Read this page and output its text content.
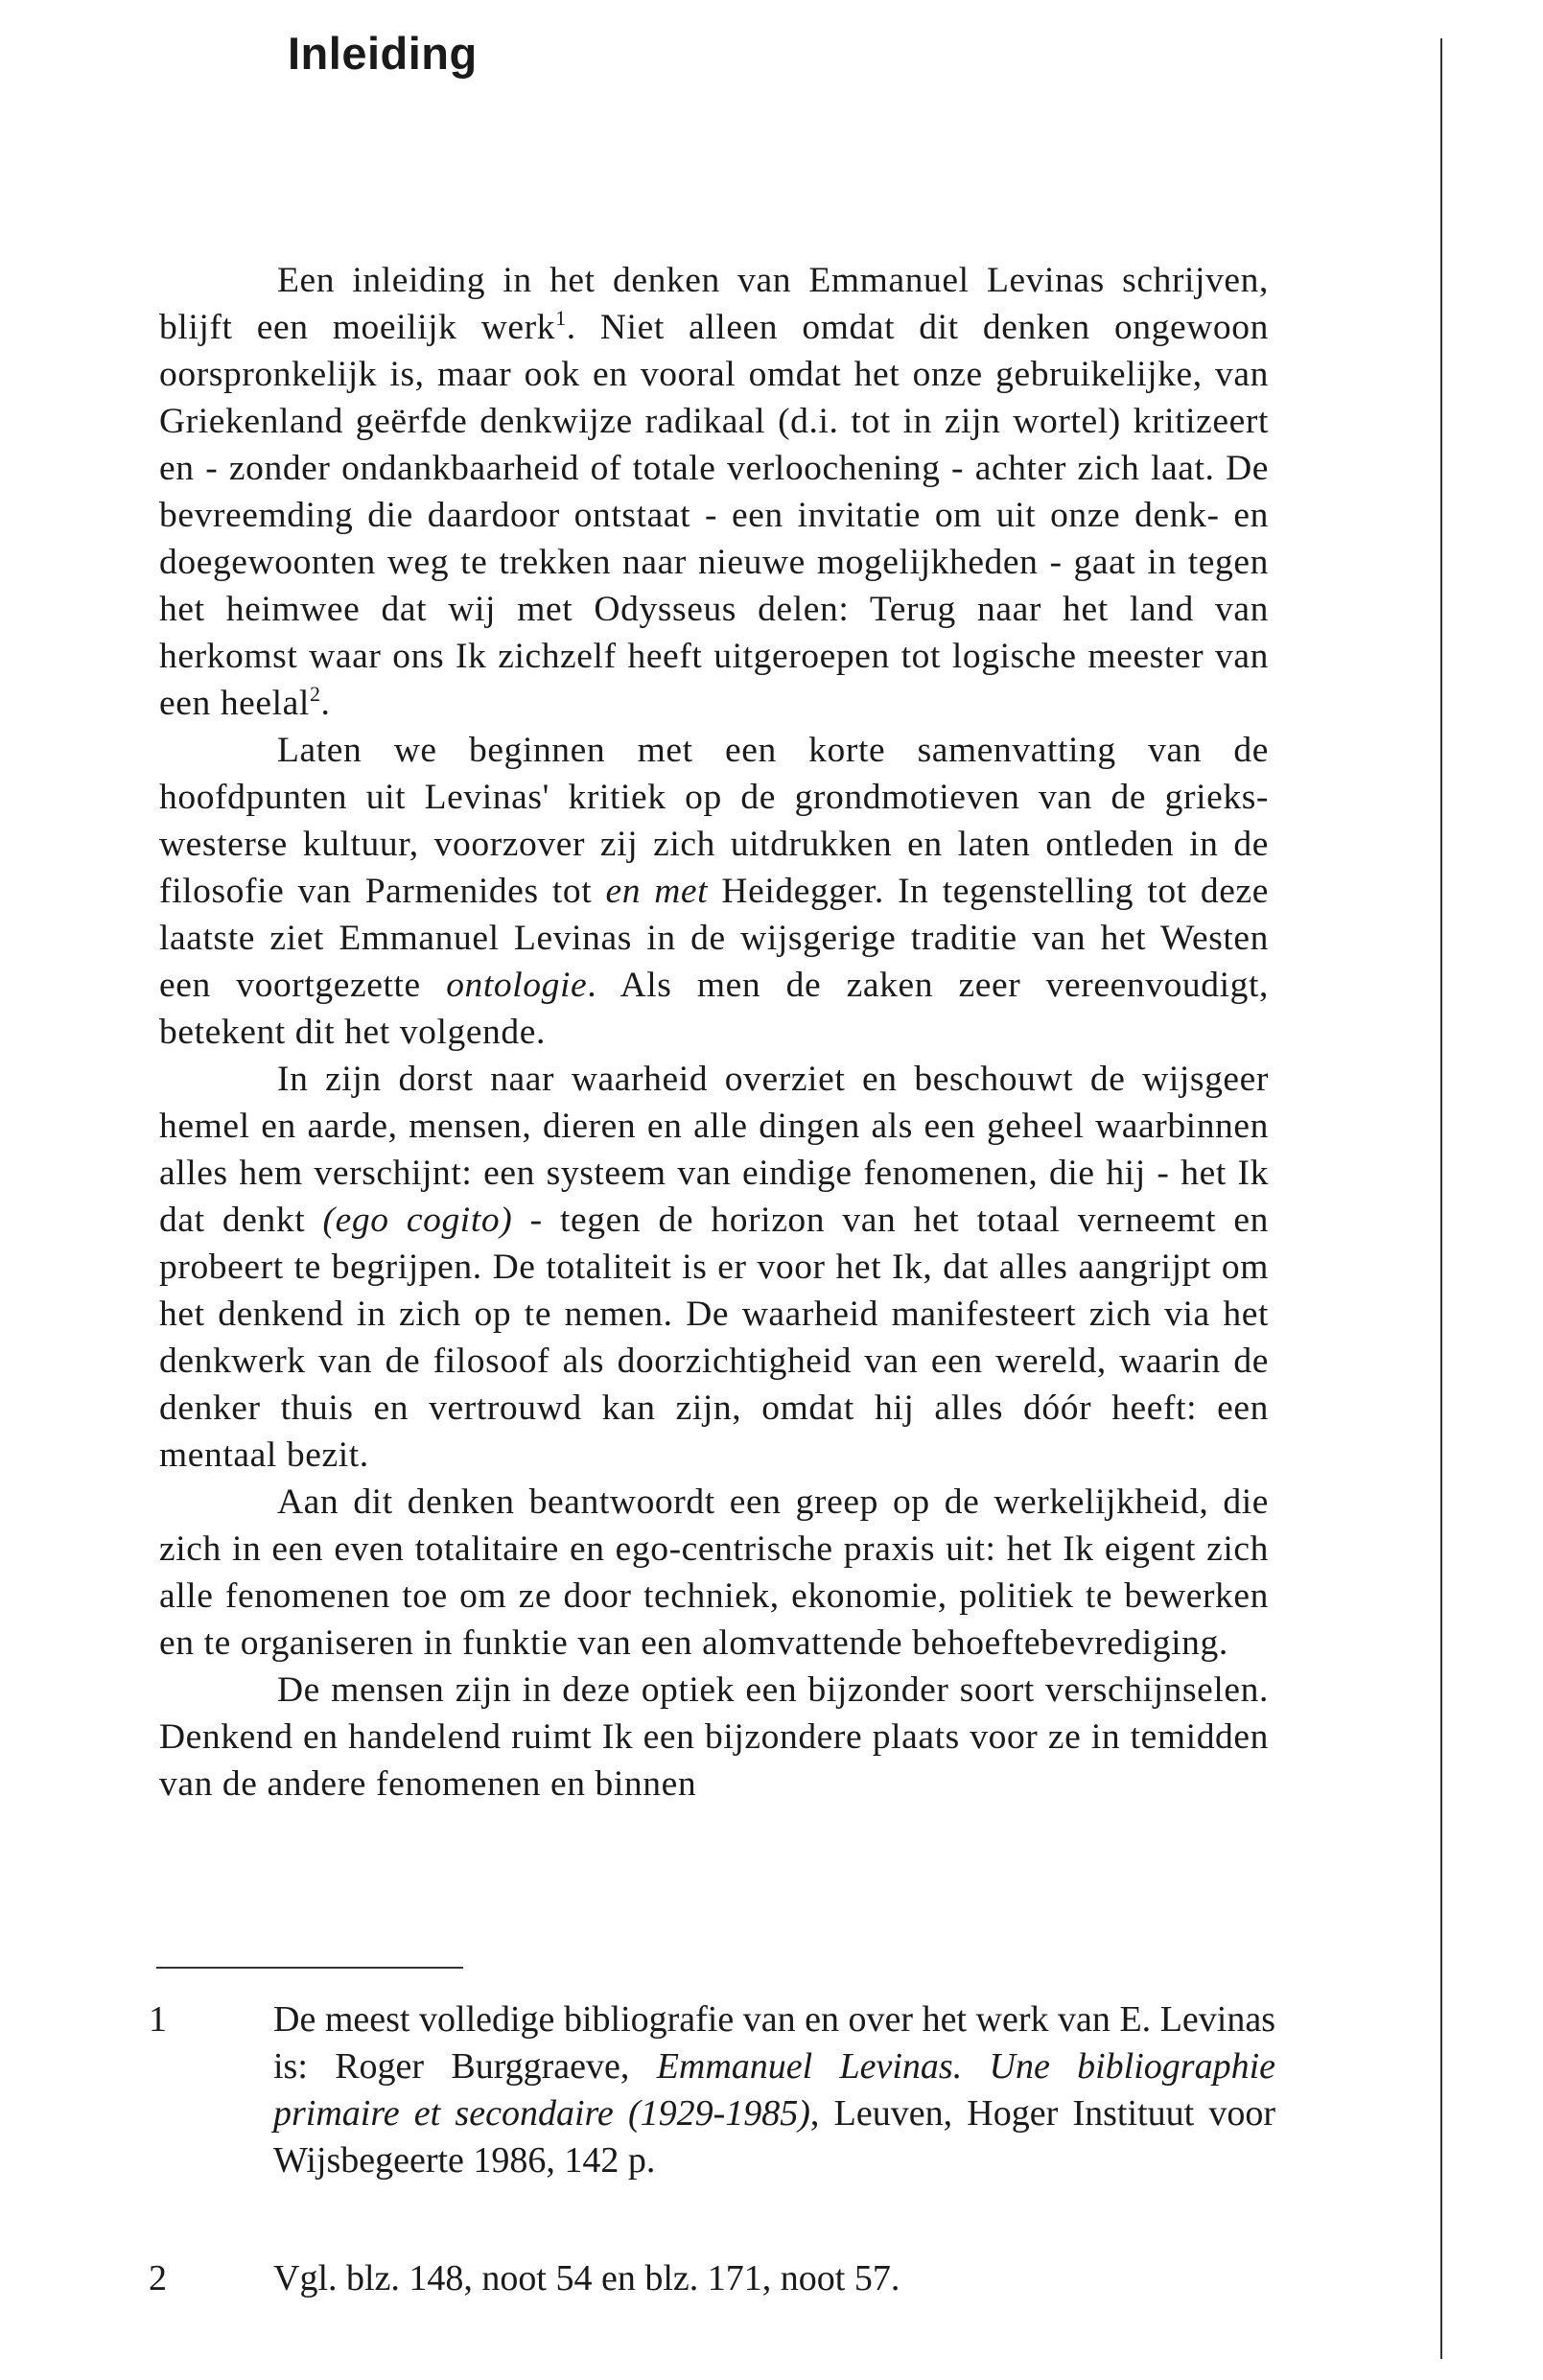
Inleiding

Een inleiding in het denken van Emmanuel Levinas schrijven, blijft een moeilijk werk$^1$. Niet alleen omdat dit denken ongewoon oorspronkelijk is, maar ook en vooral omdat het onze gebruikelijke, van Griekenland geërfde denkwijze radikaal (d.i. tot in zijn wortel) kritizeert en - zonder ondankbaarheid of totale verloochening - achter zich laat. De bevreemding die daardoor ontstaat - een invitatie om uit onze denk- en doegewoonten weg te trekken naar nieuwe mogelijkheden - gaat in tegen het heimwee dat wij met Odysseus delen: Terug naar het land van herkomst waar ons Ik zichzelf heeft uitgeroepen tot logische meester van een heelal$^2$.

Laten we beginnen met een korte samenvatting van de hoofdpunten uit Levinas' kritiek op de grondmotieven van de grieks-westerse kultuur, voorzover zij zich uitdrukken en laten ontleden in de filosofie van Parmenides tot en met Heidegger. In tegenstelling tot deze laatste ziet Emmanuel Levinas in de wijsgerige traditie van het Westen een voortgezette ontologie. Als men de zaken zeer vereenvoudigt, betekent dit het volgende.

In zijn dorst naar waarheid overziet en beschouwt de wijsgeer hemel en aarde, mensen, dieren en alle dingen als een geheel waarbinnen alles hem verschijnt: een systeem van eindige fenomenen, die hij - het Ik dat denkt (ego cogito) - tegen de horizon van het totaal verneemt en probeert te begrijpen. De totaliteit is er voor het Ik, dat alles aangrijpt om het denkend in zich op te nemen. De waarheid manifesteert zich via het denkwerk van de filosoof als doorzichtigheid van een wereld, waarin de denker thuis en vertrouwd kan zijn, omdat hij alles dóór heeft: een mentaal bezit.

Aan dit denken beantwoordt een greep op de werkelijkheid, die zich in een even totalitaire en ego-centrische praxis uit: het Ik eigent zich alle fenomenen toe om ze door techniek, ekonomie, politiek te bewerken en te organiseren in funktie van een alomvattende behoeftebevrediging.

De mensen zijn in deze optiek een bijzonder soort verschijnselen. Denkend en handelend ruimt Ik een bijzondere plaats voor ze in temidden van de andere fenomenen en binnen

1	De meest volledige bibliografie van en over het werk van E. Levinas is: Roger Burggraeve, Emmanuel Levinas. Une bibliographie primaire et secondaire (1929-1985), Leuven, Hoger Instituut voor Wijsbegeerte 1986, 142 p.
2	Vgl. blz. 148, noot 54 en blz. 171, noot 57.
